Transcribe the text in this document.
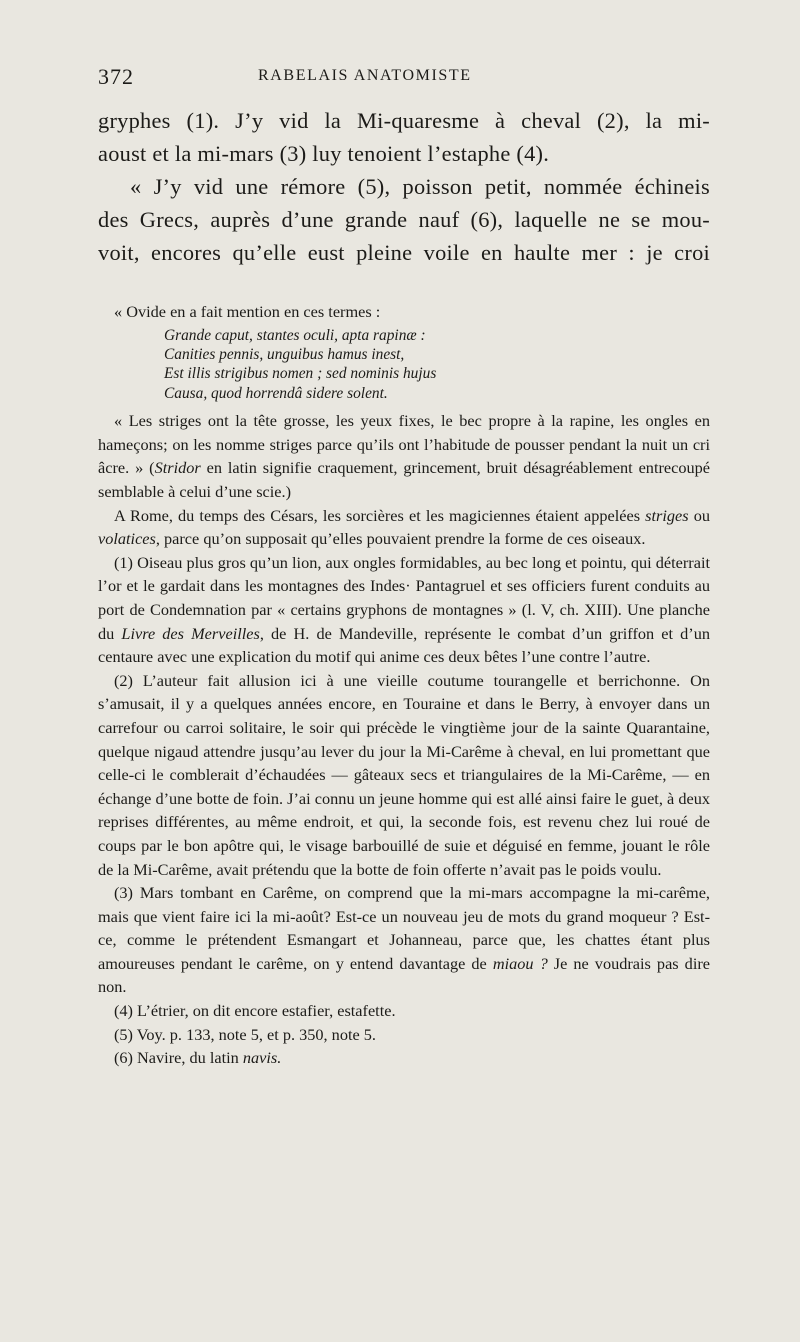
372	RABELAIS ANATOMISTE
gryphes (1). J’y vid la Mi-quaresme à cheval (2), la mi-
aoust et la mi-mars (3) luy tenoient l’estaphe (4).
« J’y vid une rémore (5), poisson petit, nommée échineis
des Grecs, auprès d’une grande nauf (6), laquelle ne se mou-
voit, encores qu’elle eust pleine voile en haulte mer : je croi

« Ovide en a fait mention en ces termes :

Grande caput, stantes oculi, apta rapinæ :
Canities pennis, unguibus hamus inest,
Est illis strigibus nomen ; sed nominis hujus
Causa, quod horrendâ sidere solent.

« Les striges ont la tête grosse, les yeux fixes, le bec propre à la rapine, les ongles en hameçons; on les nomme striges parce qu’ils ont l’habitude de pousser pendant la nuit un cri âcre. » (Stridor en latin signifie craquement, grincement, bruit désagréablement entrecoupé semblable à celui d’une scie.)

A Rome, du temps des Césars, les sorcières et les magiciennes étaient appelées striges ou volatices, parce qu’on supposait qu’elles pouvaient prendre la forme de ces oiseaux.

(1) Oiseau plus gros qu’un lion, aux ongles formidables, au bec long et pointu, qui déterrait l’or et le gardait dans les montagnes des Indes· Pantagruel et ses officiers furent conduits au port de Condemnation par « certains gryphons de montagnes » (l. V, ch. XIII). Une planche du Livre des Merveilles, de H. de Mandeville, représente le combat d’un griffon et d’un centaure avec une explication du motif qui anime ces deux bêtes l’une contre l’autre.

(2) L’auteur fait allusion ici à une vieille coutume tourangelle et berrichonne. On s’amusait, il y a quelques années encore, en Touraine et dans le Berry, à envoyer dans un carrefour ou carroi solitaire, le soir qui précède le vingtième jour de la sainte Quarantaine, quelque nigaud attendre jusqu’au lever du jour la Mi-Carême à cheval, en lui promettant que celle-ci le comblerait d’échaudées — gâteaux secs et triangulaires de la Mi-Carême, — en échange d’une botte de foin. J’ai connu un jeune homme qui est allé ainsi faire le guet, à deux reprises différentes, au même endroit, et qui, la seconde fois, est revenu chez lui roué de coups par le bon apôtre qui, le visage barbouillé de suie et déguisé en femme, jouant le rôle de la Mi-Carême, avait prétendu que la botte de foin offerte n’avait pas le poids voulu.

(3) Mars tombant en Carême, on comprend que la mi-mars accompagne la mi-carême, mais que vient faire ici la mi-août? Est-ce un nouveau jeu de mots du grand moqueur ? Est-ce, comme le prétendent Esmangart et Johanneau, parce que, les chattes étant plus amoureuses pendant le carême, on y entend davantage de miaou ? Je ne voudrais pas dire non.

(4) L’étrier, on dit encore estafier, estafette.

(5) Voy. p. 133, note 5, et p. 350, note 5.

(6) Navire, du latin navis.
